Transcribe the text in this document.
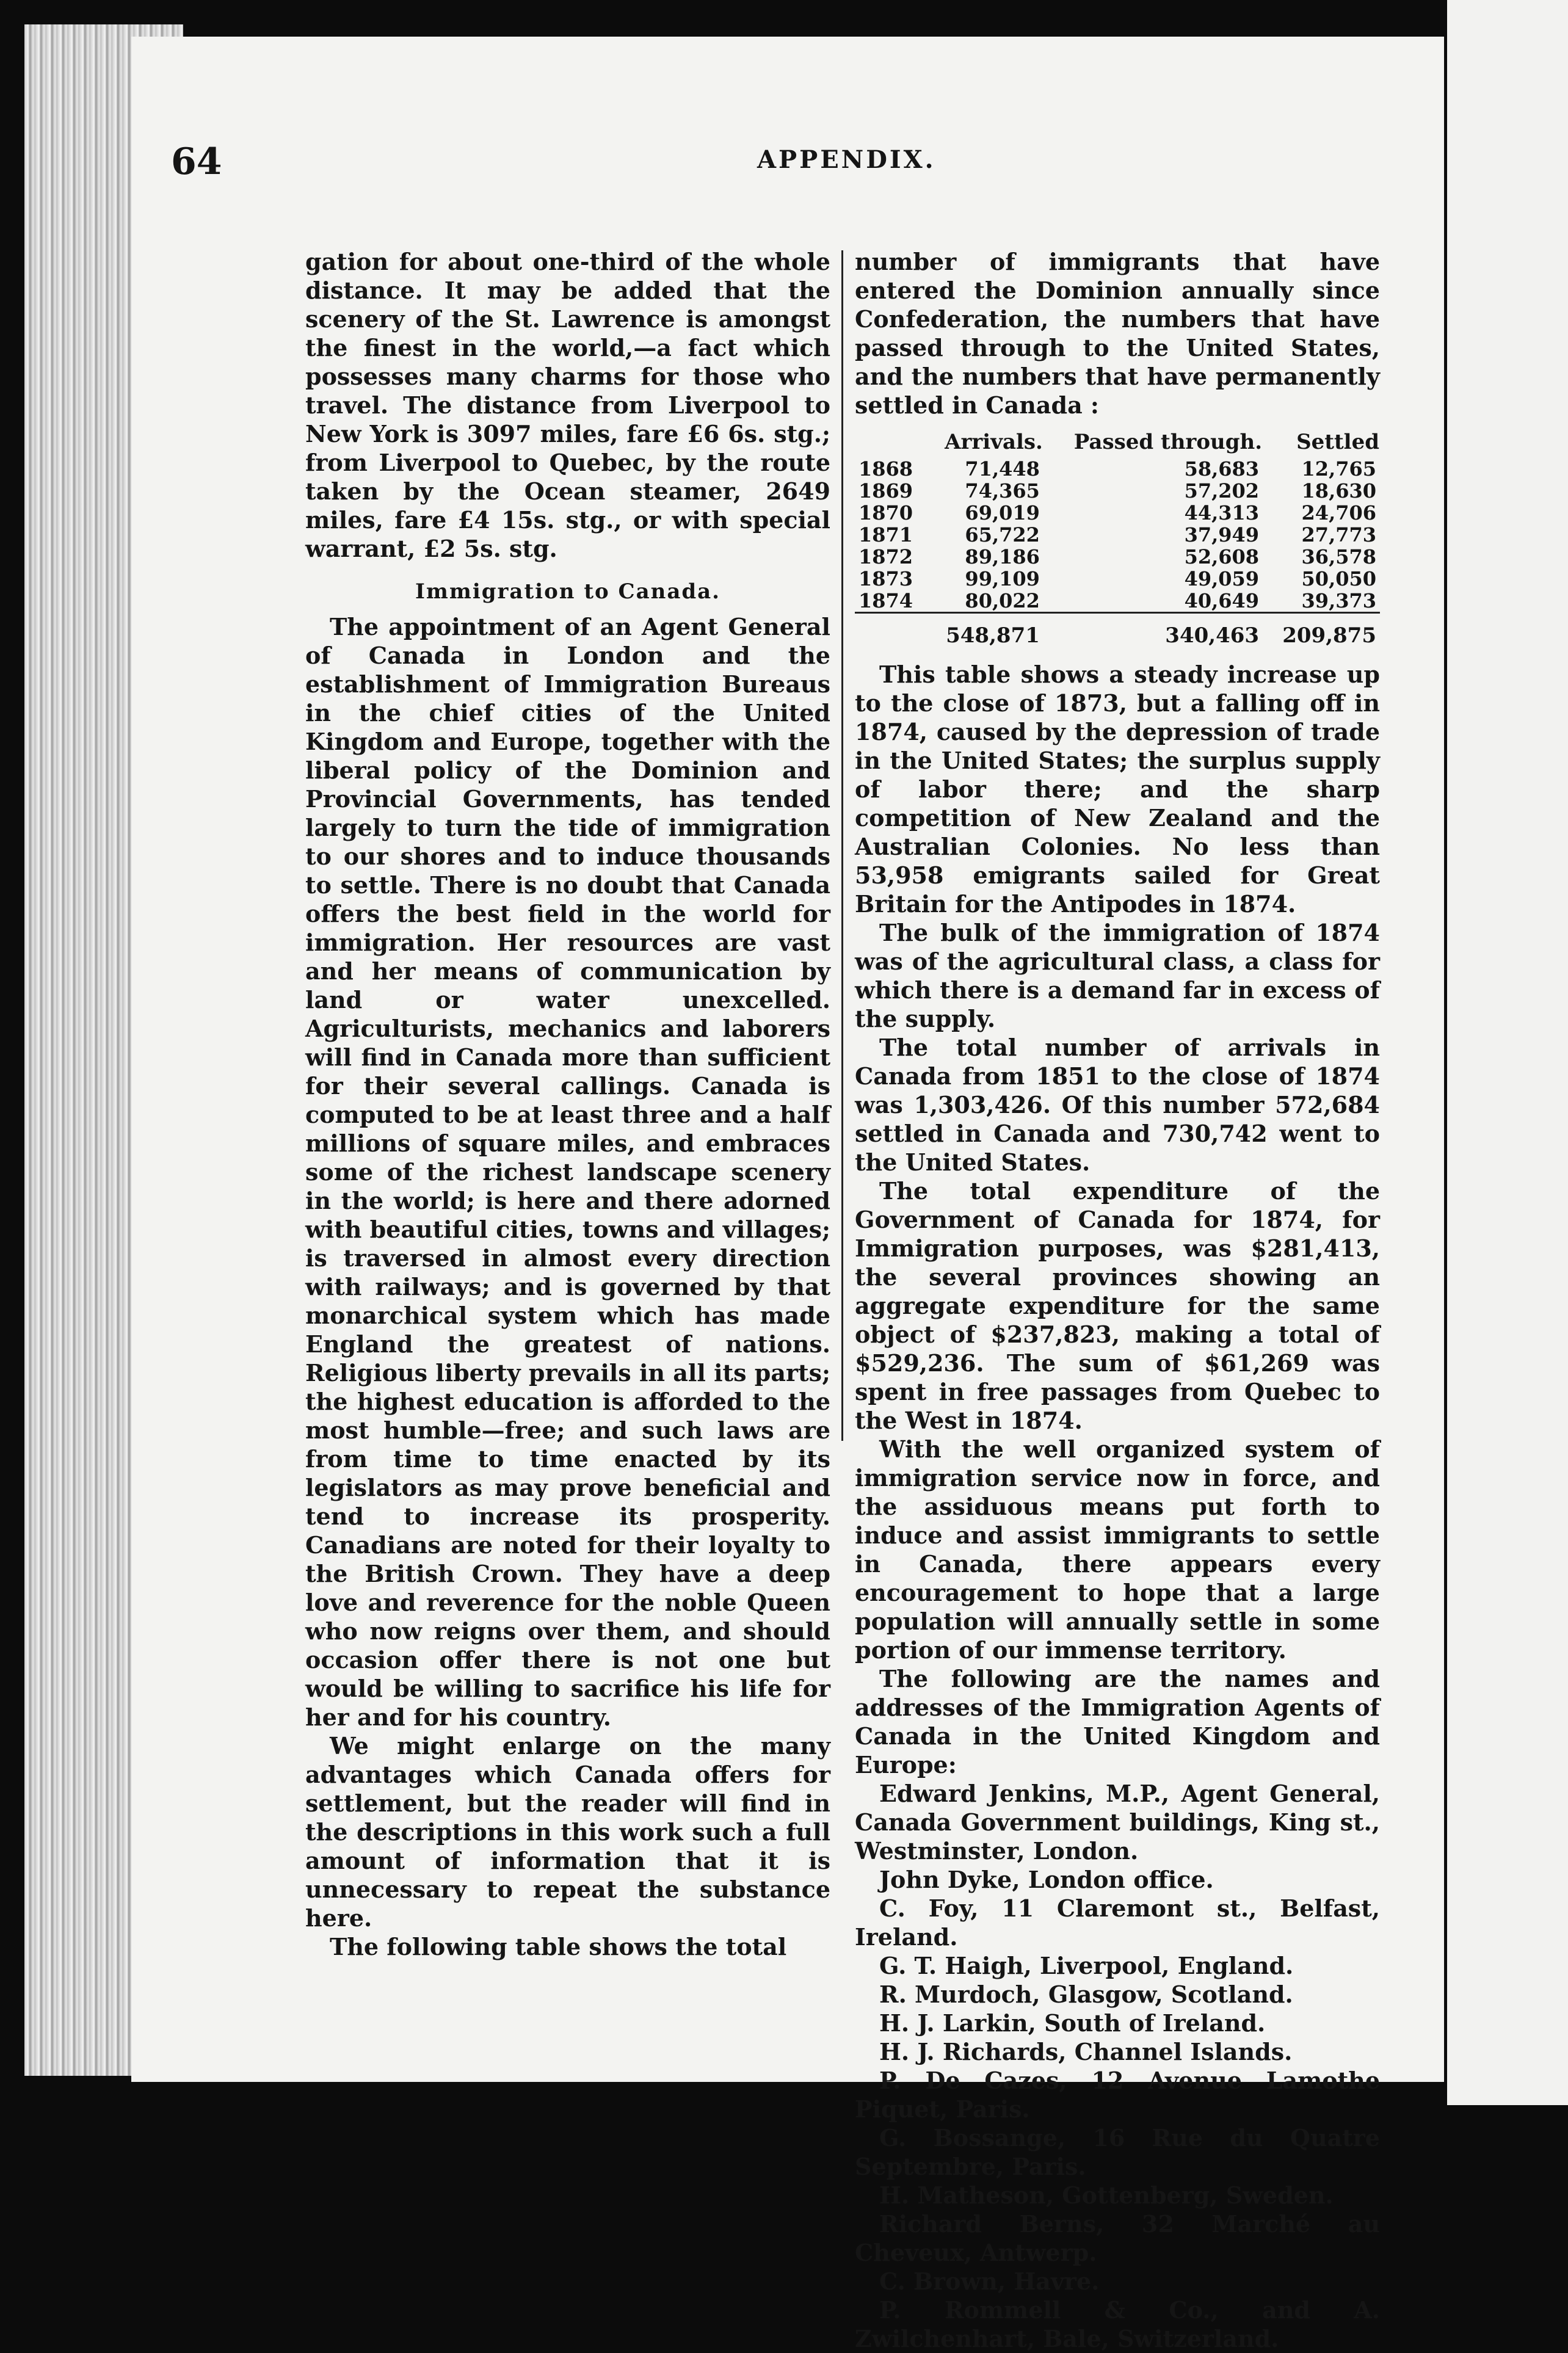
64	APPENDIX.

gation for about one-third of the whole distance. It may be added that the scenery of the St. Lawrence is amongst the finest in the world,—a fact which possesses many charms for those who travel. The distance from Liverpool to New York is 3097 miles, fare £6 6s. stg.; from Liverpool to Quebec, by the route taken by the Ocean steamer, 2649 miles, fare £4 15s. stg., or with special warrant, £2 5s. stg.

Immigration to Canada.

The appointment of an Agent General of Canada in London and the establishment of Immigration Bureaus in the chief cities of the United Kingdom and Europe, together with the liberal policy of the Dominion and Provincial Governments, has tended largely to turn the tide of immigration to our shores and to induce thousands to settle. There is no doubt that Canada offers the best field in the world for immigration. Her resources are vast and her means of communication by land or water unexcelled. Agriculturists, mechanics and laborers will find in Canada more than sufficient for their several callings. Canada is computed to be at least three and a half millions of square miles, and embraces some of the richest landscape scenery in the world; is here and there adorned with beautiful cities, towns and villages; is traversed in almost every direction with railways; and is governed by that monarchical system which has made England the greatest of nations. Religious liberty prevails in all its parts; the highest education is afforded to the most humble—free; and such laws are from time to time enacted by its legislators as may prove beneficial and tend to increase its prosperity. Canadians are noted for their loyalty to the British Crown. They have a deep love and reverence for the noble Queen who now reigns over them, and should occasion offer there is not one but would be willing to sacrifice his life for her and for his country.

We might enlarge on the many advantages which Canada offers for settlement, but the reader will find in the descriptions in this work such a full amount of information that it is unnecessary to repeat the substance here.

The following table shows the total

number of immigrants that have entered the Dominion annually since Confederation, the numbers that have passed through to the United States, and the numbers that have permanently settled in Canada :

	Arrivals.	Passed through.	Settled
1868	71,448	58,683	12,765
1869	74,365	57,202	18,630
1870	69,019	44,313	24,706
1871	65,722	37,949	27,773
1872	89,186	52,608	36,578
1873	99,109	49,059	50,050
1874	80,022	40,649	39,373
	548,871	340,463	209,875

This table shows a steady increase up to the close of 1873, but a falling off in 1874, caused by the depression of trade in the United States; the surplus supply of labor there; and the sharp competition of New Zealand and the Australian Colonies. No less than 53,958 emigrants sailed for Great Britain for the Antipodes in 1874.

The bulk of the immigration of 1874 was of the agricultural class, a class for which there is a demand far in excess of the supply.

The total number of arrivals in Canada from 1851 to the close of 1874 was 1,303,426. Of this number 572,684 settled in Canada and 730,742 went to the United States.

The total expenditure of the Government of Canada for 1874, for Immigration purposes, was $281,413, the several provinces showing an aggregate expenditure for the same object of $237,823, making a total of $529,236. The sum of $61,269 was spent in free passages from Quebec to the West in 1874.

With the well organized system of immigration service now in force, and the assiduous means put forth to induce and assist immigrants to settle in Canada, there appears every encouragement to hope that a large population will annually settle in some portion of our immense territory.

The following are the names and addresses of the Immigration Agents of Canada in the United Kingdom and Europe:

Edward Jenkins, M.P., Agent General, Canada Government buildings, King st., Westminster, London.

John Dyke, London office.

C. Foy, 11 Claremont st., Belfast, Ireland.

G. T. Haigh, Liverpool, England.

R. Murdoch, Glasgow, Scotland.

H. J. Larkin, South of Ireland.

H. J. Richards, Channel Islands.

P. De Cazes, 12 Avenue Lamothe Piquet, Paris.

G. Bossange, 16 Rue du Quatre Septembre, Paris.

H. Matheson, Gottenberg, Sweden.

Richard Berns, 32 Marché au Cheveux, Antwerp.

C. Brown, Havre.

P. Rommell & Co., and A. Zwilchenhart, Bale, Switzerland.
